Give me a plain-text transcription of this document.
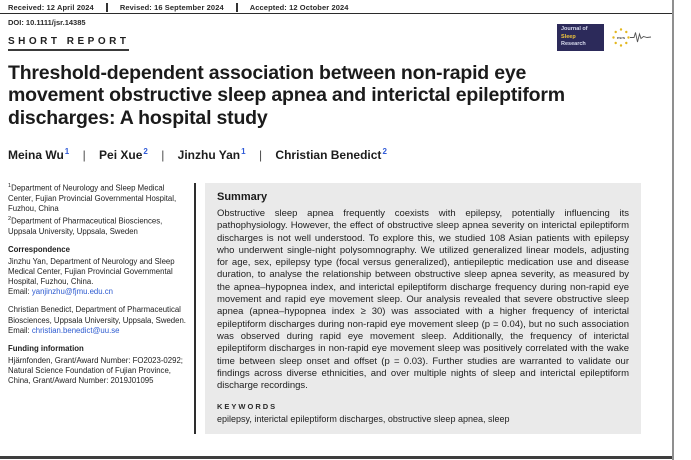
Received: 12 April 2024	Revised: 16 September 2024	Accepted: 12 October 2024
DOI: 10.1111/jsr.14385
Journal of
Sleep
Research
esrs
SHORT REPORT
Threshold-dependent association between non-rapid eye movement obstructive sleep apnea and interictal epileptiform discharges: A hospital study
Meina Wu$^1$ | Pei Xue$^2$ | Jinzhu Yan$^1$ | Christian Benedict$^2$

$^1$Department of Neurology and Sleep Medical Center, Fujian Provincial Governmental Hospital, Fuzhou, China

$^2$Department of Pharmaceutical Biosciences, Uppsala University, Uppsala, Sweden

Correspondence

Jinzhu Yan, Department of Neurology and Sleep Medical Center, Fujian Provincial Governmental Hospital, Fuzhou, China.
Email: yanjinzhu@fjmu.edu.cn

Christian Benedict, Department of Pharmaceutical Biosciences, Uppsala University, Uppsala, Sweden.
Email: christian.benedict@uu.se

Funding information

Hjärnfonden, Grant/Award Number: FO2023-0292; Natural Science Foundation of Fujian Province, China, Grant/Award Number: 2019J01095

Summary

Obstructive sleep apnea frequently coexists with epilepsy, potentially influencing its pathophysiology. However, the effect of obstructive sleep apnea severity on interictal epileptiform discharges is not well understood. To explore this, we studied 108 Asian patients with epilepsy who underwent single-night polysomnography. We utilized generalized linear models, adjusting for age, sex, epilepsy type (focal versus generalized), antiepileptic medication use and disease duration, to analyse the relationship between obstructive sleep apnea severity, as measured by the apnea–hypopnea index, and interictal epileptiform discharge frequency during non-rapid eye movement and rapid eye movement sleep. Our analysis revealed that severe obstructive sleep apnea (apnea–hypopnea index ≥ 30) was associated with a higher frequency of interictal epileptiform discharges during non-rapid eye movement sleep (p = 0.04), but no such association was observed during rapid eye movement sleep. Additionally, the frequency of interictal epileptiform discharges in non-rapid eye movement sleep was positively correlated with the wake time between sleep onset and offset (p = 0.03). Further studies are warranted to validate our findings across diverse ethnicities, and over multiple nights of sleep and interictal epileptiform discharge recordings.

KEYWORDS
epilepsy, interictal epileptiform discharges, obstructive sleep apnea, sleep
